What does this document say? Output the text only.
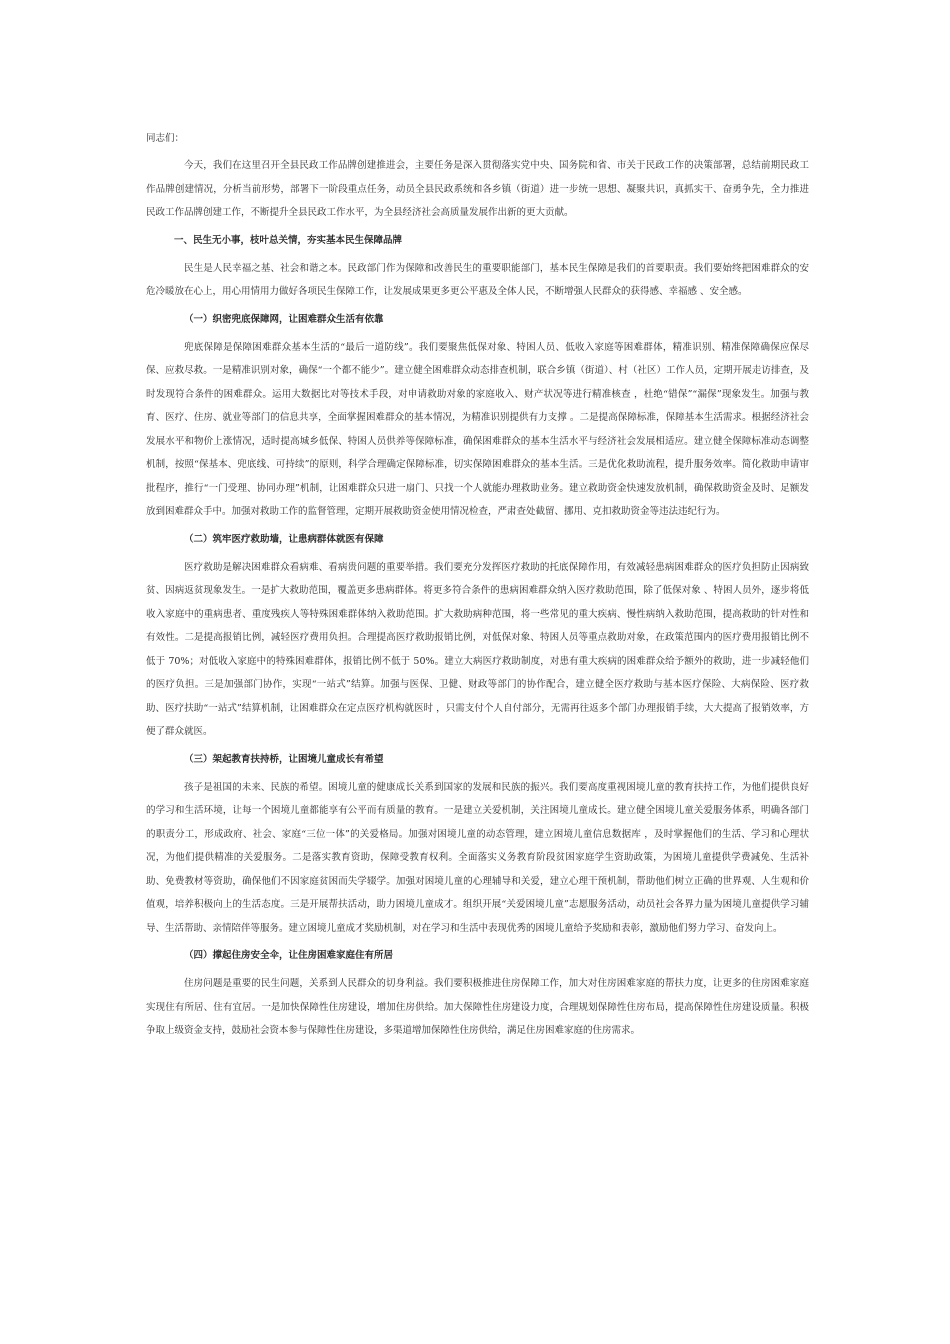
同志们：

今天，我们在这里召开全县民政工作品牌创建推进会，主要任务是深入贯彻落实党中央、国务院和省、市关于民政工作的决策部署，总结前期民政工作品牌创建情况，分析当前形势，部署下一阶段重点任务，动员全县民政系统和各乡镇（街道）进一步统一思想、凝聚共识，真抓实干、奋勇争先，全力推进民政工作品牌创建工作，不断提升全县民政工作水平，为全县经济社会高质量发展作出新的更大贡献。

一、民生无小事，枝叶总关情，夯实基本民生保障品牌

民生是人民幸福之基、社会和谐之本。民政部门作为保障和改善民生的重要职能部门，基本民生保障是我们的首要职责。我们要始终把困难群众的安危冷暖放在心上，用心用情用力做好各项民生保障工作，让发展成果更多更公平惠及全体人民，不断增强人民群众的获得感、幸福感 、安全感。

（一）织密兜底保障网，让困难群众生活有依靠

兜底保障是保障困难群众基本生活的“最后一道防线”。我们要聚焦低保对象、特困人员、低收入家庭等困难群体，精准识别、精准保障确保应保尽保、应救尽救。一是精准识别对象，确保“一个都不能少”。建立健全困难群众动态排查机制，联合乡镇（街道）、村（社区）工作人员，定期开展走访排查，及时发现符合条件的困难群众。运用大数据比对等技术手段，对申请救助对象的家庭收入、财产状况等进行精准核查 ，杜绝“错保”“漏保”现象发生。加强与教育、医疗、住房、就业等部门的信息共享，全面掌握困难群众的基本情况，为精准识别提供有力支撑 。二是提高保障标准，保障基本生活需求。根据经济社会发展水平和物价上涨情况，适时提高城乡低保、特困人员供养等保障标准，确保困难群众的基本生活水平与经济社会发展相适应。建立健全保障标准动态调整机制，按照“保基本、兜底线、可持续”的原则，科学合理确定保障标准，切实保障困难群众的基本生活。三是优化救助流程，提升服务效率。简化救助申请审批程序，推行“一门受理、协同办理”机制，让困难群众只进一扇门、只找一个人就能办理救助业务。建立救助资金快速发放机制，确保救助资金及时、足额发放到困难群众手中。加强对救助工作的监督管理，定期开展救助资金使用情况检查，严肃查处截留、挪用、克扣救助资金等违法违纪行为。

（二）筑牢医疗救助墙，让患病群体就医有保障

医疗救助是解决困难群众看病难、看病贵问题的重要举措。我们要充分发挥医疗救助的托底保障作用，有效减轻患病困难群众的医疗负担防止因病致贫、因病返贫现象发生。一是扩大救助范围，覆盖更多患病群体。将更多符合条件的患病困难群众纳入医疗救助范围，除了低保对象 、特困人员外，逐步将低收入家庭中的重病患者、重度残疾人等特殊困难群体纳入救助范围。扩大救助病种范围，将一些常见的重大疾病、慢性病纳入救助范围，提高救助的针对性和有效性。二是提高报销比例，减轻医疗费用负担。合理提高医疗救助报销比例，对低保对象、特困人员等重点救助对象，在政策范围内的医疗费用报销比例不低于 70%；对低收入家庭中的特殊困难群体，报销比例不低于 50%。建立大病医疗救助制度，对患有重大疾病的困难群众给予额外的救助，进一步减轻他们的医疗负担。三是加强部门协作，实现“一站式”结算。加强与医保、卫健、财政等部门的协作配合，建立健全医疗救助与基本医疗保险、大病保险、医疗救助、医疗扶助“一站式”结算机制，让困难群众在定点医疗机构就医时 ，只需支付个人自付部分，无需再往返多个部门办理报销手续，大大提高了报销效率，方便了群众就医。

（三）架起教育扶持桥，让困境儿童成长有希望

孩子是祖国的未来、民族的希望。困境儿童的健康成长关系到国家的发展和民族的振兴。我们要高度重视困境儿童的教育扶持工作，为他们提供良好的学习和生活环境，让每一个困境儿童都能享有公平而有质量的教育。一是建立关爱机制，关注困境儿童成长。建立健全困境儿童关爱服务体系，明确各部门的职责分工，形成政府、社会、家庭“三位一体”的关爱格局。加强对困境儿童的动态管理，建立困境儿童信息数据库 ，及时掌握他们的生活、学习和心理状况，为他们提供精准的关爱服务。二是落实教育资助，保障受教育权利。全面落实义务教育阶段贫困家庭学生资助政策，为困境儿童提供学费减免、生活补助、免费教材等资助，确保他们不因家庭贫困而失学辍学。加强对困境儿童的心理辅导和关爱，建立心理干预机制，帮助他们树立正确的世界观、人生观和价值观，培养积极向上的生活态度。三是开展帮扶活动，助力困境儿童成才。组织开展“关爱困境儿童”志愿服务活动，动员社会各界力量为困境儿童提供学习辅导、生活帮助、亲情陪伴等服务。建立困境儿童成才奖励机制，对在学习和生活中表现优秀的困境儿童给予奖励和表彰，激励他们努力学习、奋发向上。

（四）撑起住房安全伞，让住房困难家庭住有所居

住房问题是重要的民生问题，关系到人民群众的切身利益。我们要积极推进住房保障工作，加大对住房困难家庭的帮扶力度，让更多的住房困难家庭实现住有所居、住有宜居。一是加快保障性住房建设，增加住房供给。加大保障性住房建设力度，合理规划保障性住房布局，提高保障性住房建设质量。积极争取上级资金支持，鼓励社会资本参与保障性住房建设，多渠道增加保障性住房供给，满足住房困难家庭的住房需求。
